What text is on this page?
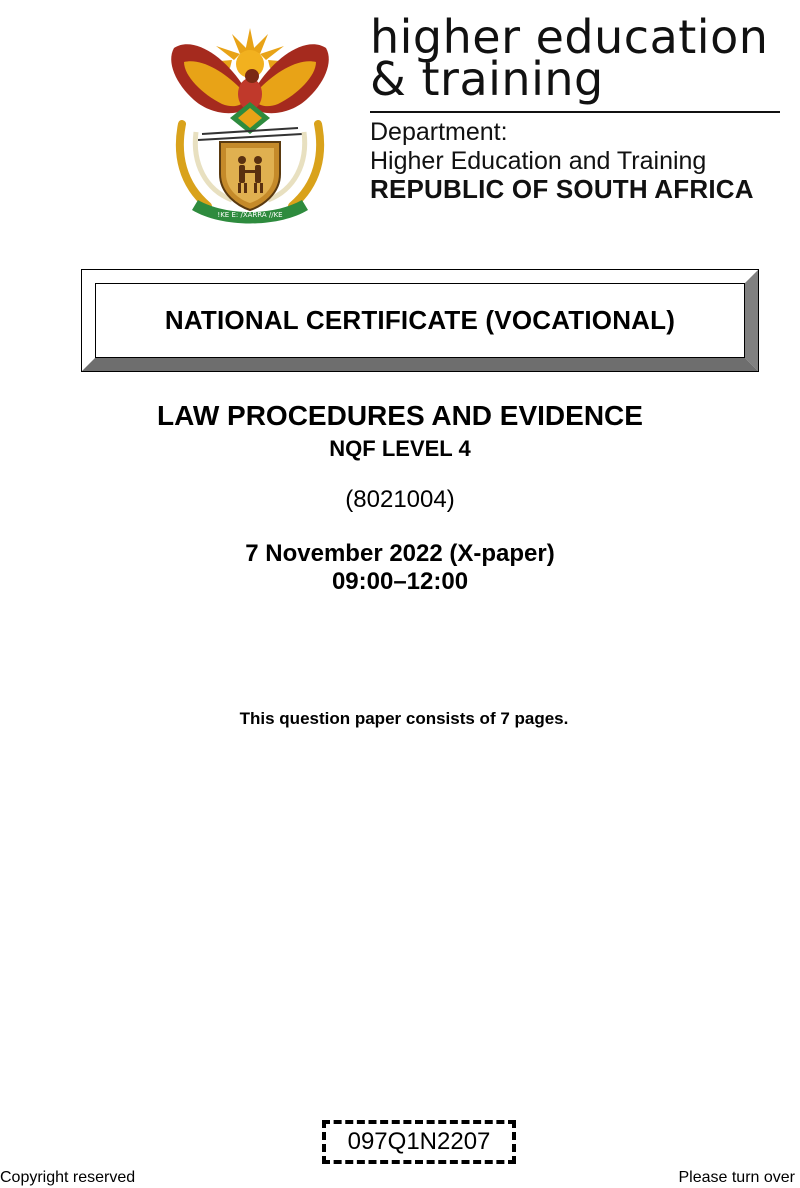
!KE E: /XARRA //KE
higher education
& training
Department:
Higher Education and Training
REPUBLIC OF SOUTH AFRICA
NATIONAL CERTIFICATE (VOCATIONAL)
LAW PROCEDURES AND EVIDENCE
NQF LEVEL 4
(8021004)
7 November 2022 (X-paper)
09:00–12:00
This question paper consists of 7 pages.
097Q1N2207
Copyright reserved	Please turn over
